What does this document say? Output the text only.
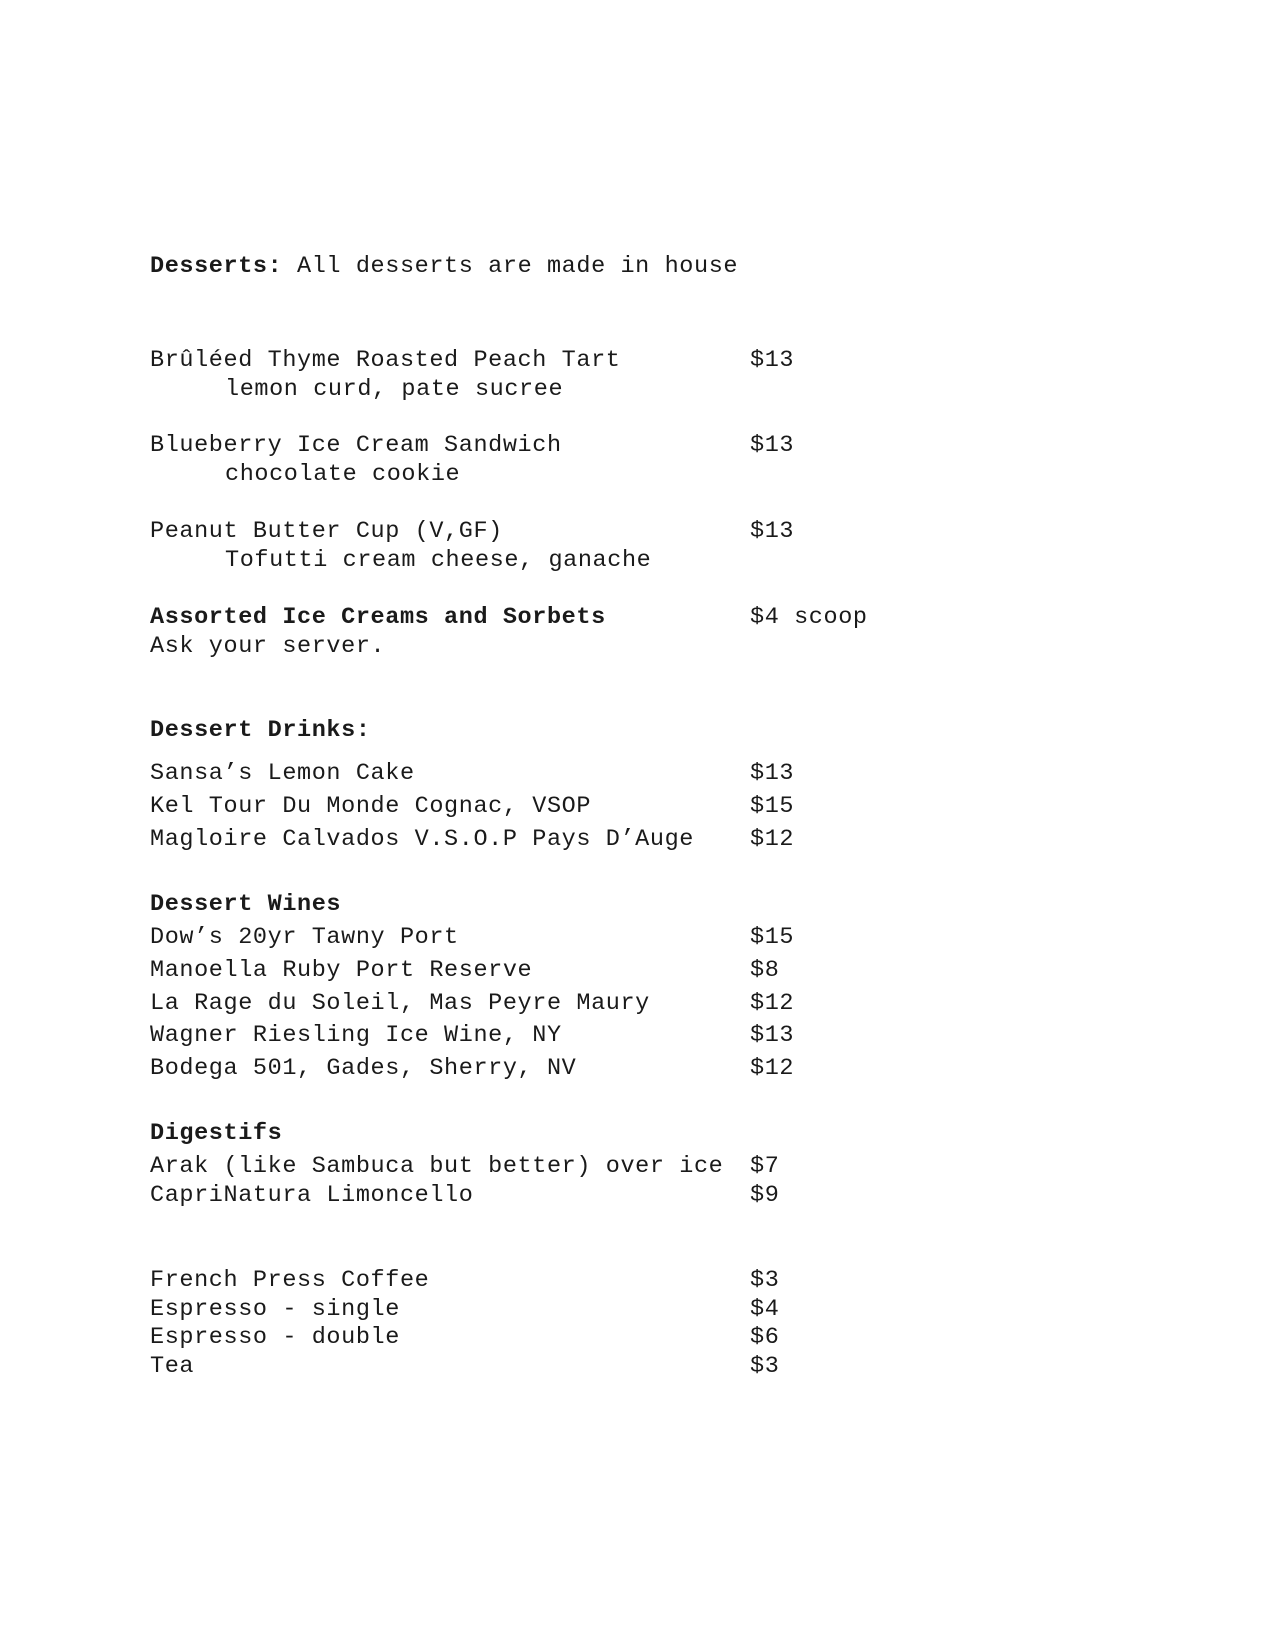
Desserts: All desserts are made in house
Brûléed Thyme Roasted Peach Tart	$13
lemon curd, pate sucree
Blueberry Ice Cream Sandwich	$13
chocolate cookie
Peanut Butter Cup (V,GF)	$13
Tofutti cream cheese, ganache
Assorted Ice Creams and Sorbets	$4 scoop
Ask your server.
Dessert Drinks:
Sansa’s Lemon Cake	$13
Kel Tour Du Monde Cognac, VSOP	$15
Magloire Calvados V.S.O.P Pays D’Auge $12
Dessert Wines
Dow’s 20yr Tawny Port	$15
Manoella Ruby Port Reserve	$8
La Rage du Soleil, Mas Peyre Maury	$12
Wagner Riesling Ice Wine, NY	$13
Bodega 501, Gades, Sherry, NV	$12
Digestifs
Arak (like Sambuca but better) over ice $7
CapriNatura Limoncello	$9
French Press Coffee	$3
Espresso - single	$4
Espresso - double	$6
Tea	$3
